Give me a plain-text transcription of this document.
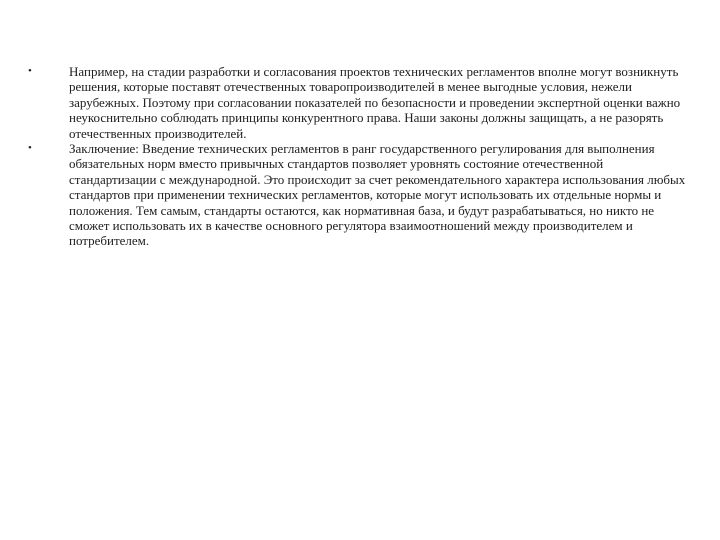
•	Например, на стадии разработки и согласования проектов технических регламентов вполне могут возникнуть решения, которые поставят отечественных товаропроизводителей в менее выгодные условия, нежели зарубежных. Поэтому при согласовании показателей по безопасности и проведении экспертной оценки важно неукоснительно соблюдать принципы конкурентного права. Наши законы должны защищать, а не разорять отечественных производителей.
•	Заключение: Введение технических регламентов в ранг государственного регулирования для выполнения обязательных норм вместо привычных стандартов позволяет уровнять состояние отечественной стандартизации с международной. Это происходит за счет рекомендательного характера использования любых стандартов при применении технических регламентов, которые могут использовать их отдельные нормы и положения. Тем самым, стандарты остаются, как нормативная база, и будут разрабатываться, но никто не сможет использовать их в качестве основного регулятора взаимоотношений между производителем и потребителем.
